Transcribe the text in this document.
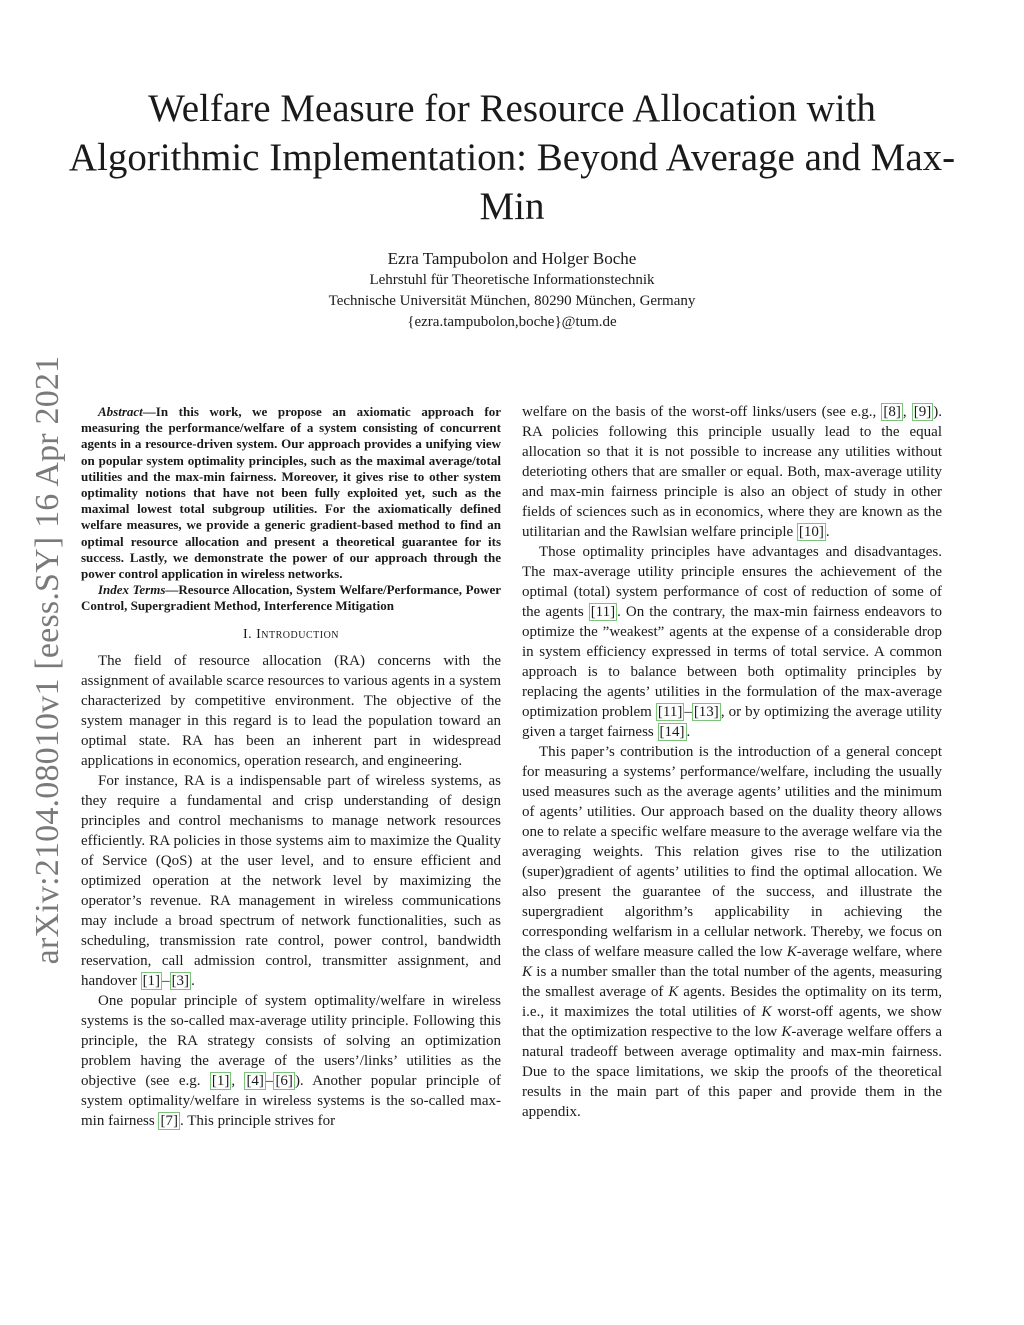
arXiv:2104.08010v1 [eess.SY] 16 Apr 2021
Welfare Measure for Resource Allocation with Algorithmic Implementation: Beyond Average and Max-Min
Ezra Tampubolon and Holger Boche
Lehrstuhl für Theoretische Informationstechnik
Technische Universität München, 80290 München, Germany
{ezra.tampubolon,boche}@tum.de

Abstract—In this work, we propose an axiomatic approach for measuring the performance/welfare of a system consisting of concurrent agents in a resource-driven system. Our approach provides a unifying view on popular system optimality principles, such as the maximal average/total utilities and the max-min fairness. Moreover, it gives rise to other system optimality notions that have not been fully exploited yet, such as the maximal lowest total subgroup utilities. For the axiomatically defined welfare measures, we provide a generic gradient-based method to find an optimal resource allocation and present a theoretical guarantee for its success. Lastly, we demonstrate the power of our approach through the power control application in wireless networks.

Index Terms—Resource Allocation, System Welfare/Performance, Power Control, Supergradient Method, Interference Mitigation

I. Introduction

The field of resource allocation (RA) concerns with the assignment of available scarce resources to various agents in a system characterized by competitive environment. The objective of the system manager in this regard is to lead the population toward an optimal state. RA has been an inherent part in widespread applications in economics, operation research, and engineering.

For instance, RA is a indispensable part of wireless systems, as they require a fundamental and crisp understanding of design principles and control mechanisms to manage network resources efficiently. RA policies in those systems aim to maximize the Quality of Service (QoS) at the user level, and to ensure efficient and optimized operation at the network level by maximizing the operator’s revenue. RA management in wireless communications may include a broad spectrum of network functionalities, such as scheduling, transmission rate control, power control, bandwidth reservation, call admission control, transmitter assignment, and handover [1] – [3] .

One popular principle of system optimality/welfare in wireless systems is the so-called max-average utility principle. Following this principle, the RA strategy consists of solving an optimization problem having the average of the users’/links’ utilities as the objective (see e.g. [1] , [4] – [6] ). Another popular principle of system optimality/welfare in wireless systems is the so-called max-min fairness [7] . This principle strives for

welfare on the basis of the worst-off links/users (see e.g., [8] , [9] ). RA policies following this principle usually lead to the equal allocation so that it is not possible to increase any utilities without deterioting others that are smaller or equal. Both, max-average utility and max-min fairness principle is also an object of study in other fields of sciences such as in economics, where they are known as the utilitarian and the Rawlsian welfare principle [10] .

Those optimality principles have advantages and disadvantages. The max-average utility principle ensures the achievement of the optimal (total) system performance of cost of reduction of some of the agents [11] . On the contrary, the max-min fairness endeavors to optimize the ”weakest” agents at the expense of a considerable drop in system efficiency expressed in terms of total service. A common approach is to balance between both optimality principles by replacing the agents’ utilities in the formulation of the max-average optimization problem [11] – [13] , or by optimizing the average utility given a target fairness [14] .

This paper’s contribution is the introduction of a general concept for measuring a systems’ performance/welfare, including the usually used measures such as the average agents’ utilities and the minimum of agents’ utilities. Our approach based on the duality theory allows one to relate a specific welfare measure to the average welfare via the averaging weights. This relation gives rise to the utilization (super)gradient of agents’ utilities to find the optimal allocation. We also present the guarantee of the success, and illustrate the supergradient algorithm’s applicability in achieving the corresponding welfarism in a cellular network. Thereby, we focus on the class of welfare measure called the low K-average welfare, where K is a number smaller than the total number of the agents, measuring the smallest average of K agents. Besides the optimality on its term, i.e., it maximizes the total utilities of K worst-off agents, we show that the optimization respective to the low K-average welfare offers a natural tradeoff between average optimality and max-min fairness. Due to the space limitations, we skip the proofs of the theoretical results in the main part of this paper and provide them in the appendix.
